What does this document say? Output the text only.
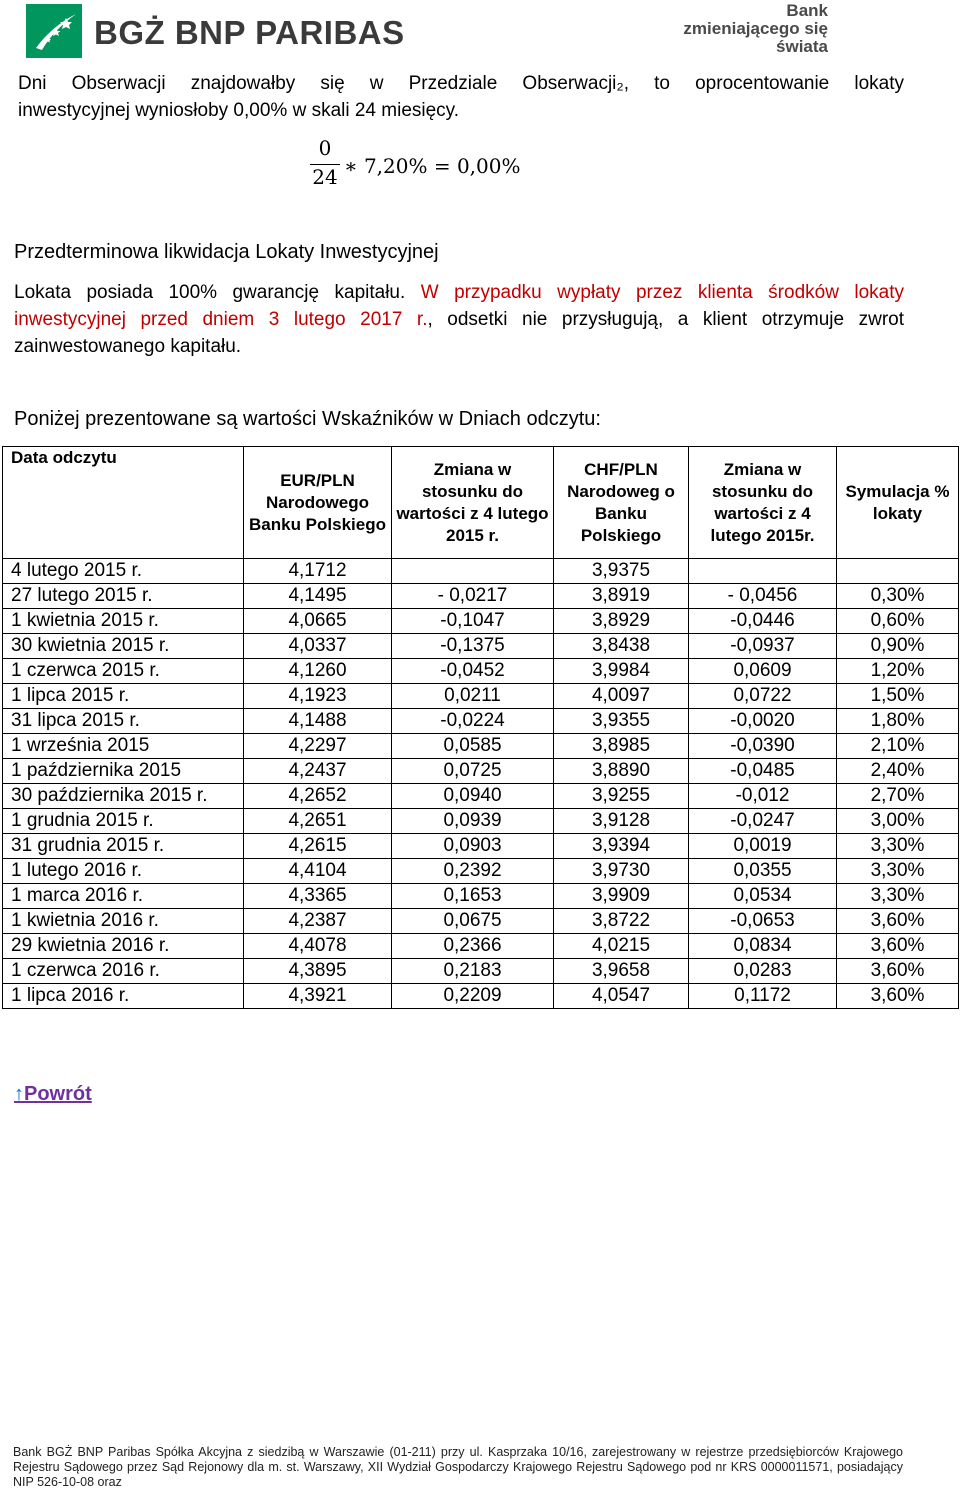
BGŻ BNP PARIBAS
Bank
zmieniającego się
świata
Dni Obserwacji znajdowałby się w Przedziale Obserwacji₂, to oprocentowanie lokaty
inwestycyjnej wyniosłoby 0,00% w skali 24 miesięcy.
0
24 ∗ 7,20% = 0,00%
Przedterminowa likwidacja Lokaty Inwestycyjnej
Lokata posiada 100% gwarancję kapitału. W przypadku wypłaty przez klienta środków lokaty
inwestycyjnej przed dniem 3 lutego 2017 r., odsetki nie przysługują, a klient otrzymuje zwrot
zainwestowanego kapitału.
Poniżej prezentowane są wartości Wskaźników w Dniach odczytu:
Data odczytu	EUR/PLN Narodowego Banku Polskiego	Zmiana w stosunku do wartości z 4 lutego 2015 r.	CHF/PLN Narodoweg o Banku Polskiego	Zmiana w stosunku do wartości z 4 lutego 2015r.	Symulacja % lokaty
4 lutego 2015 r.	4,1712		3,9375		
27 lutego 2015 r.	4,1495	- 0,0217	3,8919	- 0,0456	0,30%
1 kwietnia 2015 r.	4,0665	-0,1047	3,8929	-0,0446	0,60%
30 kwietnia 2015 r.	4,0337	-0,1375	3,8438	-0,0937	0,90%
1 czerwca 2015 r.	4,1260	-0,0452	3,9984	0,0609	1,20%
1 lipca 2015 r.	4,1923	0,0211	4,0097	0,0722	1,50%
31 lipca 2015 r.	4,1488	-0,0224	3,9355	-0,0020	1,80%
1 września 2015	4,2297	0,0585	3,8985	-0,0390	2,10%
1 października 2015	4,2437	0,0725	3,8890	-0,0485	2,40%
30 października 2015 r.	4,2652	0,0940	3,9255	-0,012	2,70%
1 grudnia 2015 r.	4,2651	0,0939	3,9128	-0,0247	3,00%
31 grudnia 2015 r.	4,2615	0,0903	3,9394	0,0019	3,30%
1 lutego 2016 r.	4,4104	0,2392	3,9730	0,0355	3,30%
1 marca 2016 r.	4,3365	0,1653	3,9909	0,0534	3,30%
1 kwietnia 2016 r.	4,2387	0,0675	3,8722	-0,0653	3,60%
29 kwietnia 2016 r.	4,4078	0,2366	4,0215	0,0834	3,60%
1 czerwca 2016 r.	4,3895	0,2183	3,9658	0,0283	3,60%
1 lipca 2016 r.	4,3921	0,2209	4,0547	0,1172	3,60%
↑Powrót
Bank BGŻ BNP Paribas Spółka Akcyjna z siedzibą w Warszawie (01-211) przy ul. Kasprzaka 10/16, zarejestrowany w rejestrze przedsiębiorców Krajowego
Rejestru Sądowego przez Sąd Rejonowy dla m. st. Warszawy, XII Wydział Gospodarczy Krajowego Rejestru Sądowego pod nr KRS 0000011571, posiadający
NIP 526-10-08 oraz
